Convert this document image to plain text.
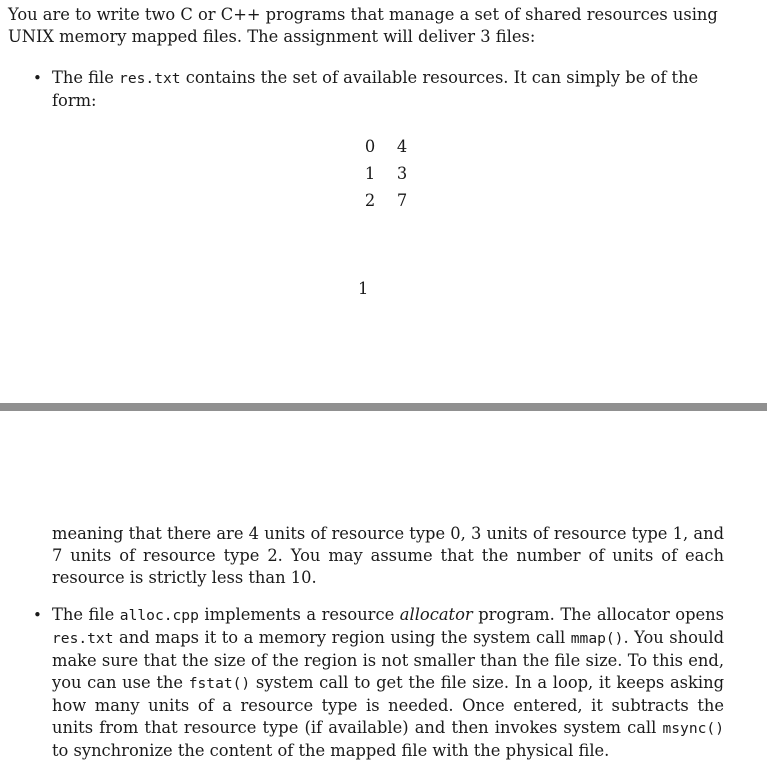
You are to write two C or C++ programs that manage a set of shared resources using UNIX memory mapped files. The assignment will deliver 3 files:

• The file res.txt contains the set of available resources. It can simply be of the form:

0	4
1	3
2	7
1

meaning that there are 4 units of resource type 0, 3 units of resource type 1, and 7 units of resource type 2. You may assume that the number of units of each resource is strictly less than 10.

• The file alloc.cpp implements a resource allocator program. The allocator opens res.txt and maps it to a memory region using the system call mmap(). You should make sure that the size of the region is not smaller than the file size. To this end, you can use the fstat() system call to get the file size. In a loop, it keeps asking how many units of a resource type is needed. Once entered, it subtracts the units from that resource type (if available) and then invokes system call msync() to synchronize the content of the mapped file with the physical file.
